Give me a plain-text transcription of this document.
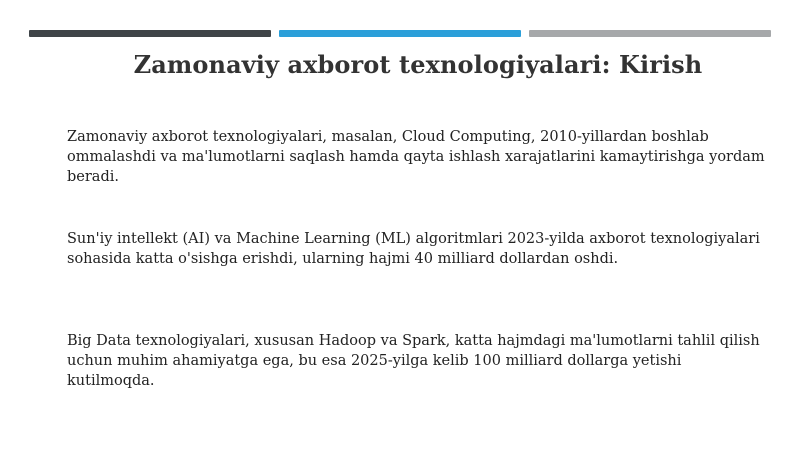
Zamonaviy axborot texnologiyalari: Kirish

Zamonaviy axborot texnologiyalari, masalan, Cloud Computing, 2010-yillardan boshlab ommalashdi va ma'lumotlarni saqlash hamda qayta ishlash xarajatlarini kamaytirishga yordam beradi.

Sun'iy intellekt (AI) va Machine Learning (ML) algoritmlari 2023-yilda axborot texnologiyalari sohasida katta o'sishga erishdi, ularning hajmi 40 milliard dollardan oshdi.

Big Data texnologiyalari, xususan Hadoop va Spark, katta hajmdagi ma'lumotlarni tahlil qilish uchun muhim ahamiyatga ega, bu esa 2025-yilga kelib 100 milliard dollarga yetishi kutilmoqda.
